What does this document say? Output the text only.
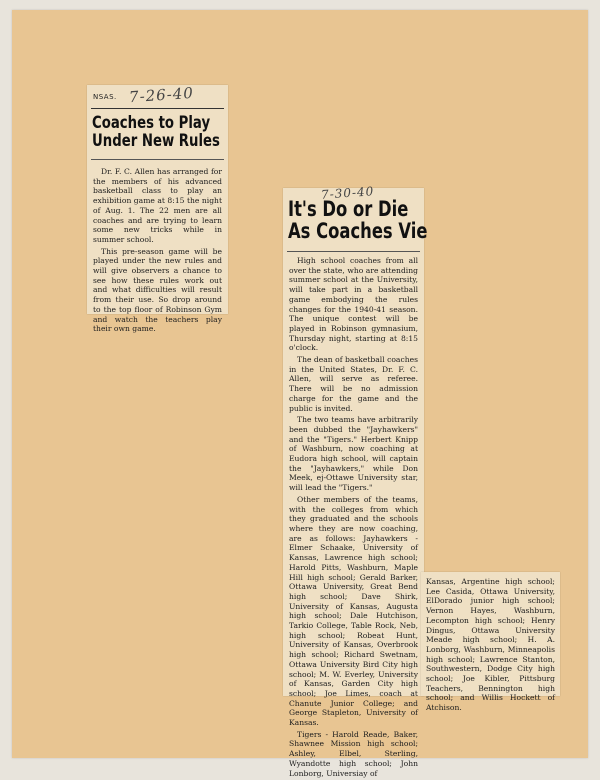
NSAS. 7-26-40
Coaches to Play
Under New Rules

Dr. F. C. Allen has arranged for the members of his advanced basketball class to play an exhibition game at 8:15 the night of Aug. 1. The 22 men are all coaches and are trying to learn some new tricks while in summer school.

This pre-season game will be played under the new rules and will give observers a chance to see how these rules work out and what difficulties will result from their use. So drop around to the top floor of Robinson Gym and watch the teachers play their own game.

7-30-40
It's Do or Die
As Coaches Vie

High school coaches from all over the state, who are attending summer school at the University, will take part in a basketball game embodying the rules changes for the 1940-41 season. The unique contest will be played in Robinson gymnasium, Thursday night, starting at 8:15 o'clock.

The dean of basketball coaches in the United States, Dr. F. C. Allen, will serve as referee. There will be no admission charge for the game and the public is invited.

The two teams have arbitrarily been dubbed the "Jayhawkers" and the "Tigers." Herbert Knipp of Washburn, now coaching at Eudora high school, will captain the "Jayhawkers," while Don Meek, ej-Ottawe University star, will lead the "Tigers."

Other members of the teams, with the colleges from which they graduated and the schools where they are now coaching, are as follows: Jayhawkers - Elmer Schaake, University of Kansas, Lawrence high school; Harold Pitts, Washburn, Maple Hill high school; Gerald Barker, Ottawa University, Great Bend high school; Dave Shirk, University of Kansas, Augusta high school; Dale Hutchison, Tarkio College, Table Rock, Neb, high school; Robeat Hunt, University of Kansas, Overbrook high school; Richard Swetnam, Ottawa University Bird City high school; M. W. Everley, University of Kansas, Garden City high school; Joe Limes, coach at Chanute Junior College; and George Stapleton, University of Kansas.

Tigers - Harold Reade, Baker, Shawnee Mission high school; Ashley, Elbel, Sterling, Wyandotte high school; John Lonborg, Universiay of

Kansas, Argentine high school; Lee Casida, Ottawa University, ElDorado junior high school; Vernon Hayes, Washburn, Lecompton high school; Henry Dingus, Ottawa University Meade high school; H. A. Lonborg, Washburn, Minneapolis high school; Lawrence Stanton, Southwestern, Dodge City high school; Joe Kibler, Pittsburg Teachers, Bennington high school; and Willis Hockett of Atchison.
